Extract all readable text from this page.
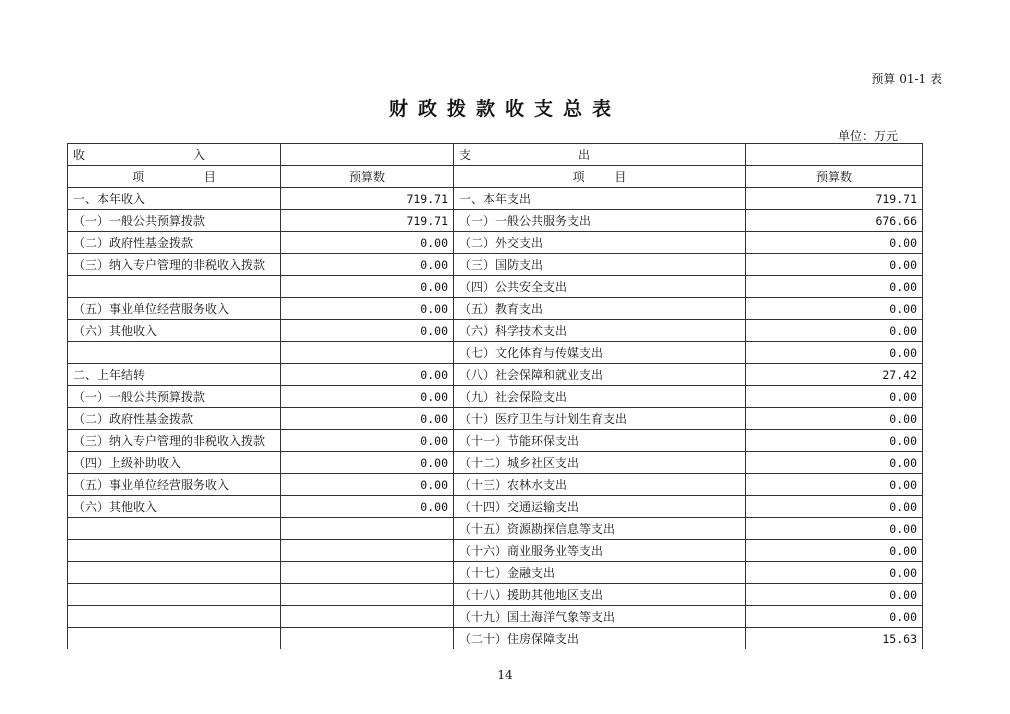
预算 01-1 表
财政拨款收支总表
单位：万元
收 入		支 出	

项 目	预算数	项 目	预算数
一、本年收入	719.71	一、本年支出	719.71
（一）一般公共预算拨款	719.71	（一）一般公共服务支出	676.66
（二）政府性基金拨款	0.00	（二）外交支出	0.00
（三）纳入专户管理的非税收入拨款	0.00	（三）国防支出	0.00
	0.00	（四）公共安全支出	0.00
（五）事业单位经营服务收入	0.00	（五）教育支出	0.00
（六）其他收入	0.00	（六）科学技术支出	0.00
		（七）文化体育与传媒支出	0.00
二、上年结转	0.00	（八）社会保障和就业支出	27.42
（一）一般公共预算拨款	0.00	（九）社会保险支出	0.00
（二）政府性基金拨款	0.00	（十）医疗卫生与计划生育支出	0.00
（三）纳入专户管理的非税收入拨款	0.00	（十一）节能环保支出	0.00
（四）上级补助收入	0.00	（十二）城乡社区支出	0.00
（五）事业单位经营服务收入	0.00	（十三）农林水支出	0.00
（六）其他收入	0.00	（十四）交通运输支出	0.00
		（十五）资源勘探信息等支出	0.00
		（十六）商业服务业等支出	0.00
		（十七）金融支出	0.00
		（十八）援助其他地区支出	0.00
		（十九）国土海洋气象等支出	0.00
		（二十）住房保障支出	15.63
14
